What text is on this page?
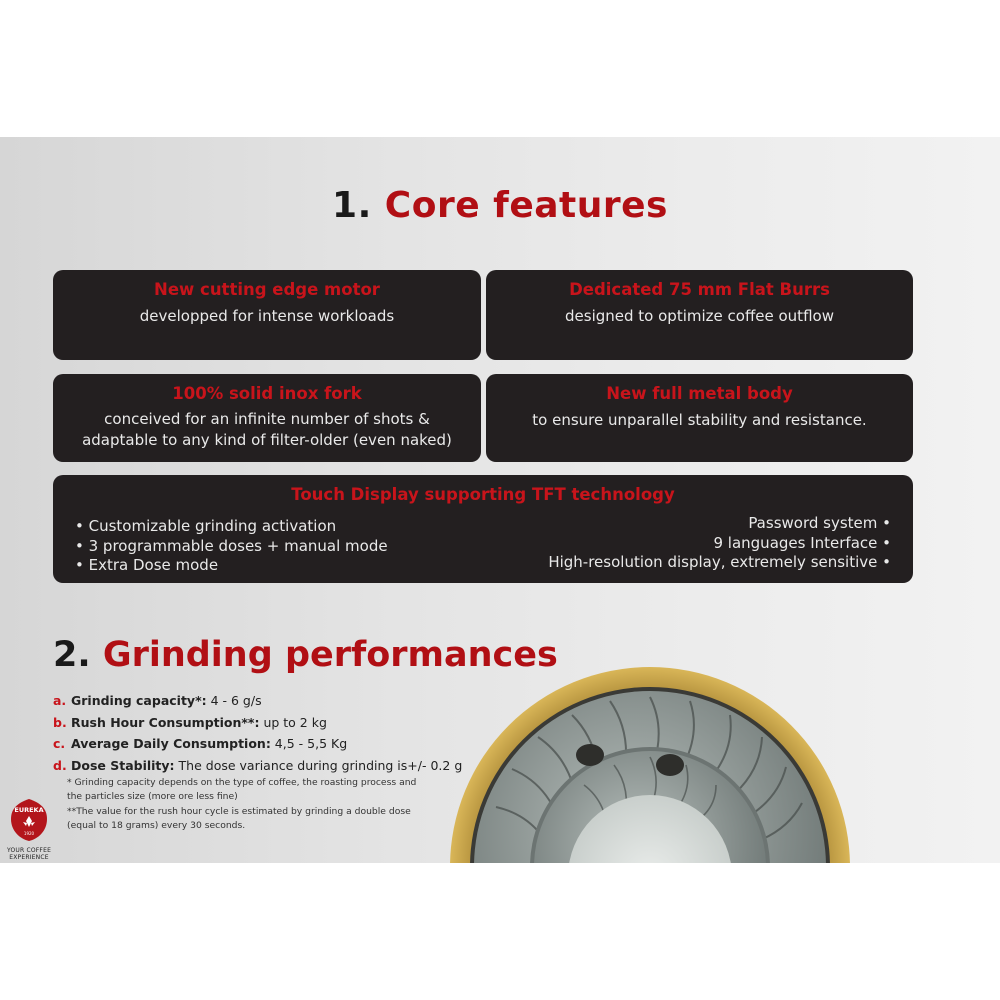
1. Core features
New cutting edge motor
developped for intense workloads
Dedicated 75 mm Flat Burrs
designed to optimize coffee outflow
100% solid inox fork
conceived for an infinite number of shots &
adaptable to any kind of filter-older (even naked)
New full metal body
to ensure unparallel stability and resistance.
Touch Display supporting TFT technology
• Customizable grinding activation
• 3 programmable doses + manual mode
• Extra Dose mode
Password system •
9 languages Interface •
High-resolution display, extremely sensitive •
2. Grinding performances
a. Grinding capacity*: 4 - 6 g/s
b. Rush Hour Consumption**: up to 2 kg
c. Average Daily Consumption: 4,5 - 5,5 Kg
d. Dose Stability: The dose variance during grinding is+/- 0.2 g
* Grinding capacity depends on the type of coffee, the roasting process and
the particles size (more ore less fine)
**The value for the rush hour cycle is estimated by grinding a double dose
(equal to 18 grams) every 30 seconds.
EUREKA
1920
YOUR COFFEE
EXPERIENCE
